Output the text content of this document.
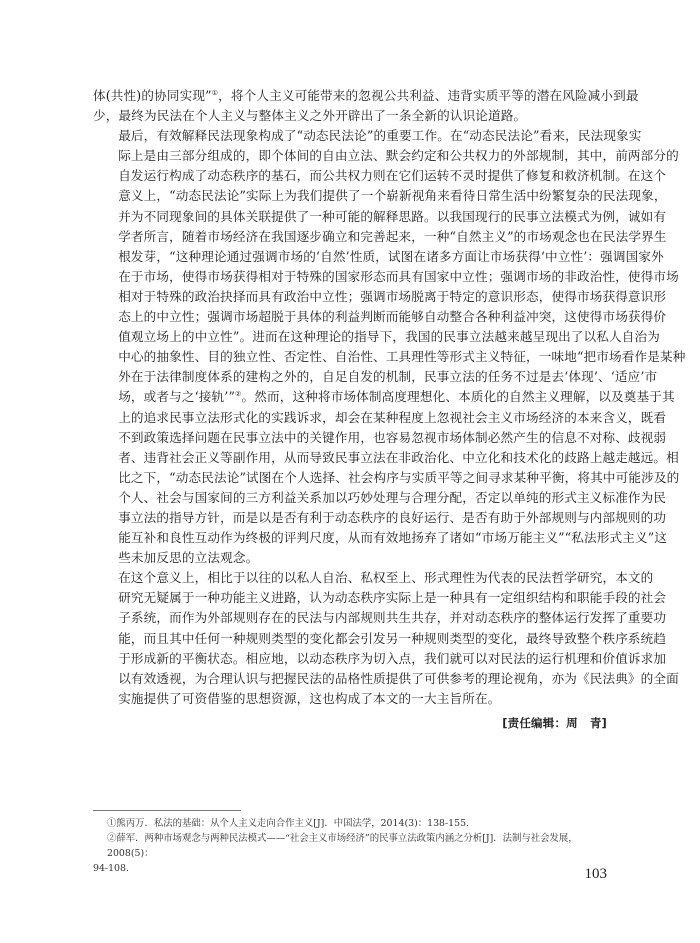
体(共性)的协同实现”①，将个人主义可能带来的忽视公共利益、违背实质平等的潜在风险减小到最
少，最终为民法在个人主义与整体主义之外开辟出了一条全新的认识论道路。

最后，有效解释民法现象构成了“动态民法论”的重要工作。在“动态民法论”看来，民法现象实
际上是由三部分组成的，即个体间的自由立法、默会约定和公共权力的外部规制，其中，前两部分的
自发运行构成了动态秩序的基石，而公共权力则在它们运转不灵时提供了修复和救济机制。在这个
意义上，“动态民法论”实际上为我们提供了一个崭新视角来看待日常生活中纷繁复杂的民法现象，
并为不同现象间的具体关联提供了一种可能的解释思路。以我国现行的民事立法模式为例，诚如有
学者所言，随着市场经济在我国逐步确立和完善起来，一种“自然主义”的市场观念也在民法学界生
根发芽，“这种理论通过强调市场的‘自然’性质，试图在诸多方面让市场获得‘中立性’：强调国家外
在于市场，使得市场获得相对于特殊的国家形态而具有国家中立性；强调市场的非政治性，使得市场
相对于特殊的政治抉择而具有政治中立性；强调市场脱离于特定的意识形态，使得市场获得意识形
态上的中立性；强调市场超脱于具体的利益判断而能够自动整合各种利益冲突，这使得市场获得价
值观立场上的中立性”。进而在这种理论的指导下，我国的民事立法越来越呈现出了以私人自治为
中心的抽象性、目的独立性、否定性、自治性、工具理性等形式主义特征，一味地“把市场看作是某种
外在于法律制度体系的建构之外的，自足自发的机制，民事立法的任务不过是去‘体现’、‘适应’市
场，或者与之‘接轨’”②。然而，这种将市场体制高度理想化、本质化的自然主义理解，以及奠基于其
上的追求民事立法形式化的实践诉求，却会在某种程度上忽视社会主义市场经济的本来含义，既看
不到政策选择问题在民事立法中的关键作用，也容易忽视市场体制必然产生的信息不对称、歧视弱
者、违背社会正义等副作用，从而导致民事立法在非政治化、中立化和技术化的歧路上越走越远。相
比之下，“动态民法论”试图在个人选择、社会构序与实质平等之间寻求某种平衡，将其中可能涉及的
个人、社会与国家间的三方利益关系加以巧妙处理与合理分配，否定以单纯的形式主义标准作为民
事立法的指导方针，而是以是否有利于动态秩序的良好运行、是否有助于外部规则与内部规则的功
能互补和良性互动作为终极的评判尺度，从而有效地扬弃了诸如“市场万能主义”“私法形式主义”这
些未加反思的立法观念。

在这个意义上，相比于以往的以私人自治、私权至上、形式理性为代表的民法哲学研究，本文的
研究无疑属于一种功能主义进路，认为动态秩序实际上是一种具有一定组织结构和职能手段的社会
子系统，而作为外部规则存在的民法与内部规则共生共存，并对动态秩序的整体运行发挥了重要功
能，而且其中任何一种规则类型的变化都会引发另一种规则类型的变化，最终导致整个秩序系统趋
于形成新的平衡状态。相应地，以动态秩序为切入点，我们就可以对民法的运行机理和价值诉求加
以有效透视，为合理认识与把握民法的品格性质提供了可供参考的理论视角，亦为《民法典》的全面
实施提供了可资借鉴的思想资源，这也构成了本文的一大主旨所在。

[责任编辑：周 青]
①熊丙万．私法的基础：从个人主义走向合作主义[J]．中国法学，2014(3)：138-155.
②薛军．两种市场观念与两种民法模式——“社会主义市场经济”的民事立法政策内涵之分析[J]．法制与社会发展，2008(5)：
94-108.	103
